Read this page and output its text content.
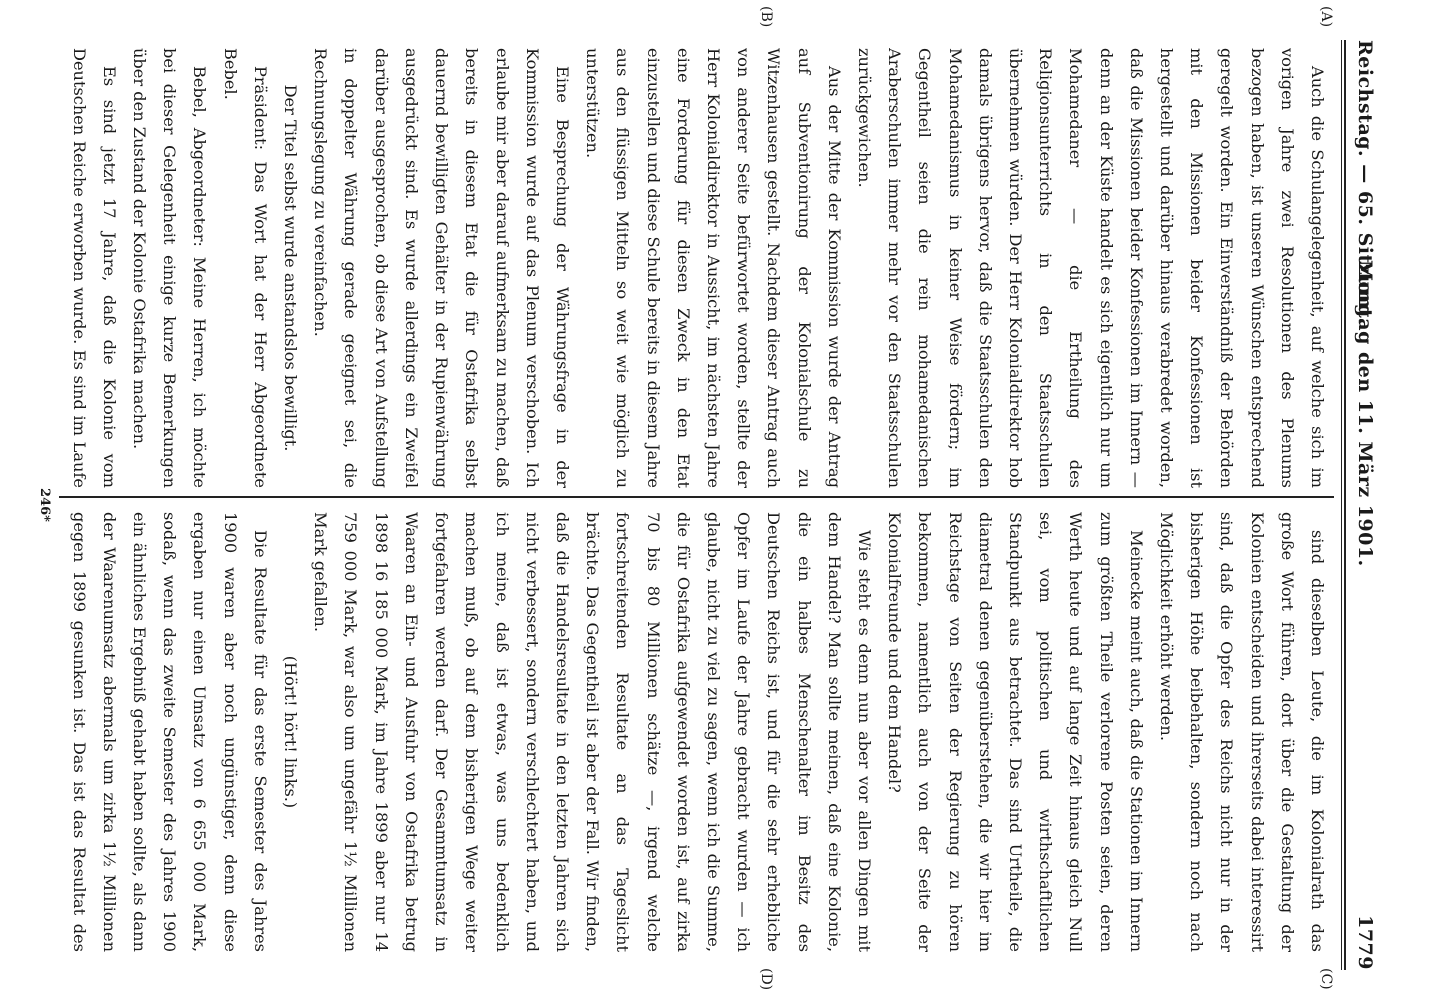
Reichstag. — 65. Sitzung.
Montag den 11. März 1901.
1779
(A)
(B)
(C)
(D)

Auch die Schulangelegenheit, auf welche sich im vorigen Jahre zwei Resolutionen des Plenums bezogen haben, ist unseren Wünschen entsprechend geregelt worden. Ein Einverständniß der Behörden mit den Missionen beider Konfessionen ist hergestellt und darüber hinaus verabredet worden, daß die Missionen beider Konfessionen im Innern — denn an der Küste handelt es sich eigentlich nur um Mohamedaner — die Ertheilung des Religionsunterrichts in den Staatsschulen übernehmen würden. Der Herr Kolonialdirektor hob damals übrigens hervor, daß die Staatsschulen den Mohamedanismus in keiner Weise fördern; im Gegentheil seien die rein mohamedanischen Araberschulen immer mehr vor den Staatsschulen zurückgewichen.

Aus der Mitte der Kommission wurde der Antrag auf Subventionirung der Kolonialschule zu Witzenhausen gestellt. Nachdem dieser Antrag auch von anderer Seite befürwortet worden, stellte der Herr Kolonialdirektor in Aussicht, im nächsten Jahre eine Forderung für diesen Zweck in den Etat einzustellen und diese Schule bereits in diesem Jahre aus den flüssigen Mitteln so weit wie möglich zu unterstützen.

Eine Besprechung der Währungsfrage in der Kommission wurde auf das Plenum verschoben. Ich erlaube mir aber darauf aufmerksam zu machen, daß bereits in diesem Etat die für Ostafrika selbst dauernd bewilligten Gehälter in der Rupienwährung ausgedrückt sind. Es wurde allerdings ein Zweifel darüber ausgesprochen, ob diese Art von Aufstellung in doppelter Währung gerade geeignet sei, die Rechnungslegung zu vereinfachen.

Der Titel selbst wurde anstandslos bewilligt.

Präsident: Das Wort hat der Herr Abgeordnete Bebel.

Bebel, Abgeordneter: Meine Herren, ich möchte bei dieser Gelegenheit einige kurze Bemerkungen über den Zustand der Kolonie Ostafrika machen.

Es sind jetzt 17 Jahre, daß die Kolonie vom Deutschen Reiche erworben wurde. Es sind im Laufe

sind dieselben Leute, die im Kolonialrath das große Wort führen, dort über die Gestaltung der Kolonien entscheiden und ihrerseits dabei interessirt sind, daß die Opfer des Reichs nicht nur in der bisherigen Höhe beibehalten, sondern noch nach Möglichkeit erhöht werden.

Meinecke meint auch, daß die Stationen im Innern zum größten Theile verlorene Posten seien, deren Werth heute und auf lange Zeit hinaus gleich Null sei, vom politischen und wirthschaftlichen Standpunkt aus betrachtet. Das sind Urtheile, die diametral denen gegenüberstehen, die wir hier im Reichstage von Seiten der Regierung zu hören bekommen, namentlich auch von der Seite der Kolonialfreunde und dem Handel?

Wie steht es denn nun aber vor allen Dingen mit dem Handel? Man sollte meinen, daß eine Kolonie, die ein halbes Menschenalter im Besitz des Deutschen Reichs ist, und für die sehr erhebliche Opfer im Laufe der Jahre gebracht wurden — ich glaube, nicht zu viel zu sagen, wenn ich die Summe, die für Ostafrika aufgewendet worden ist, auf zirka 70 bis 80 Millionen schätze —, irgend welche fortschreitenden Resultate an das Tageslicht brächte. Das Gegentheil ist aber der Fall. Wir finden, daß die Handelsresultate in den letzten Jahren sich nicht verbessert, sondern verschlechtert haben, und ich meine, daß ist etwas, was uns bedenklich machen muß, ob auf dem bisherigen Wege weiter fortgefahren werden darf. Der Gesammtumsatz in Waaren an Ein- und Ausfuhr von Ostafrika betrug 1898 16 185 000 Mark, im Jahre 1899 aber nur 14 759 000 Mark, war also um ungefähr 1½ Millionen Mark gefallen.

(Hört! hört! links.)

Die Resultate für das erste Semester des Jahres 1900 waren aber noch ungünstiger, denn diese ergaben nur einen Umsatz von 6 655 000 Mark, sodaß, wenn das zweite Semester des Jahres 1900 ein ähnliches Ergebniß gehabt haben sollte, als dann der Waarenumsatz abermals um zirka 1½ Millionen gegen 1899 gesunken ist. Das ist das Resultat des

246*
